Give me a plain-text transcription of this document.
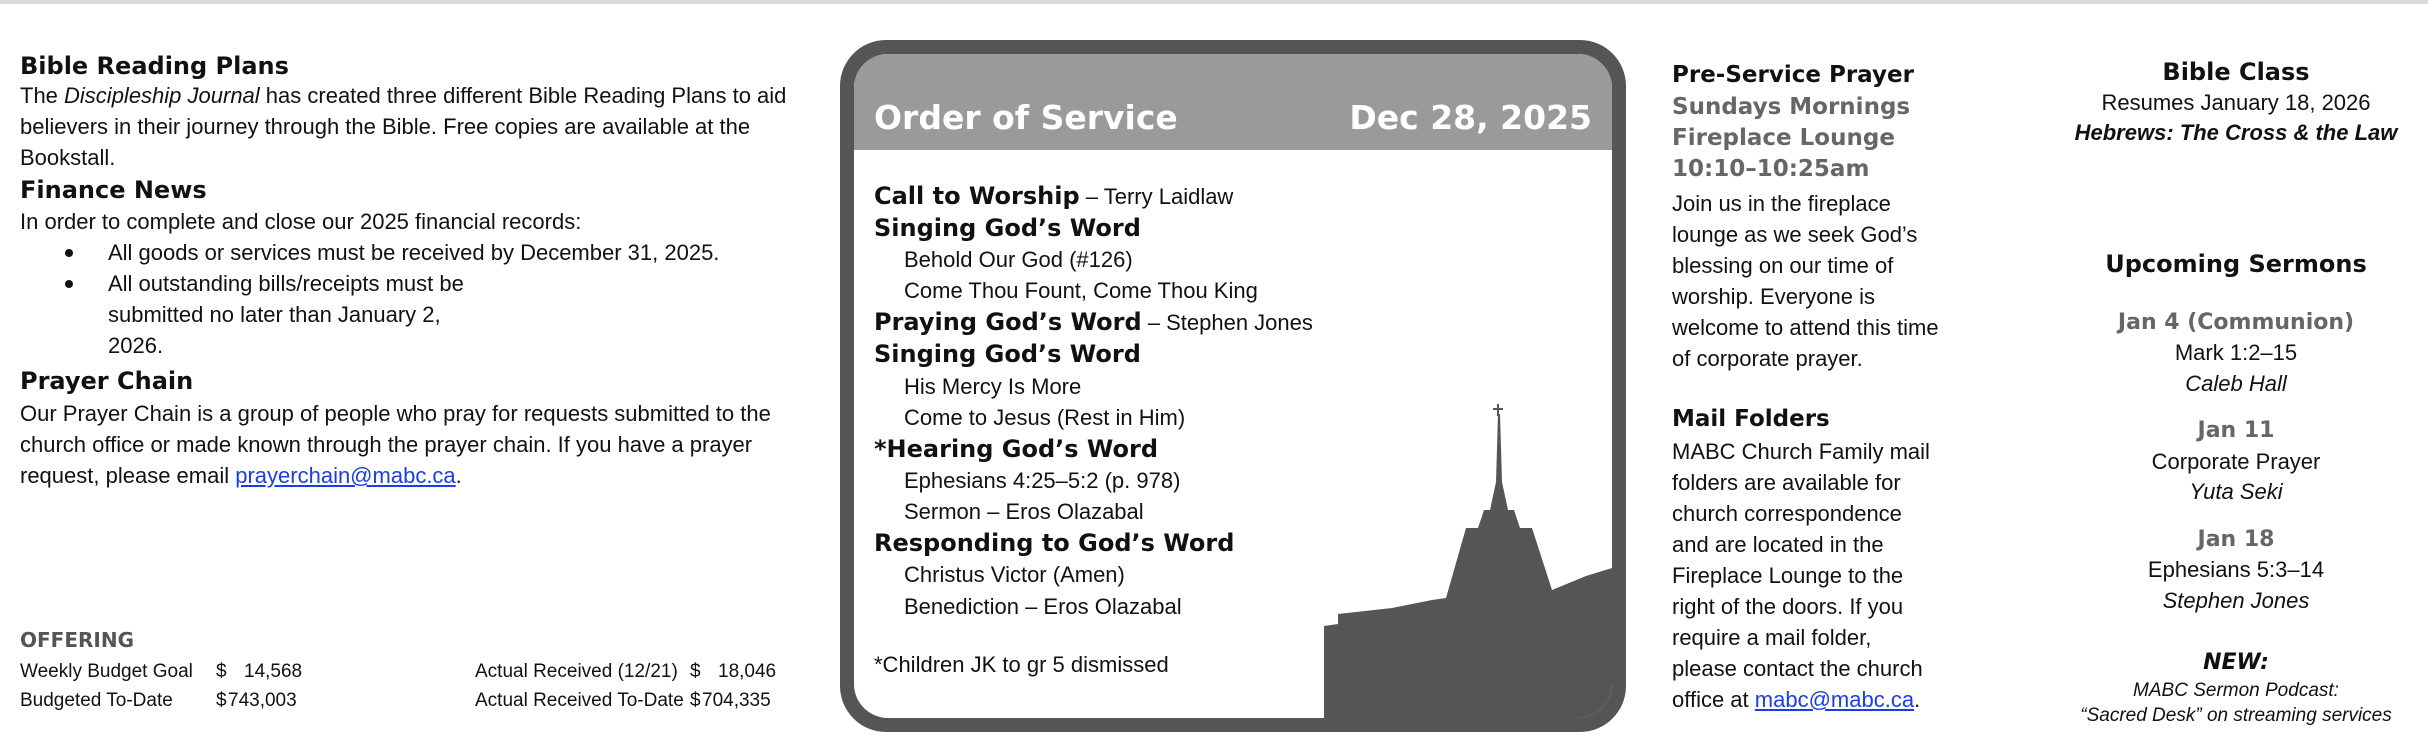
Bible Reading Plans
The Discipleship Journal has created three different Bible Reading Plans to aid believers in their journey through the Bible. Free copies are available at the Bookstall.
Finance News
In order to complete and close our 2025 financial records:
All goods or services must be received by December 31, 2025.
All outstanding bills/receipts must be submitted no later than January 2, 2026.
Prayer Chain
Our Prayer Chain is a group of people who pray for requests submitted to the church office or made known through the prayer chain. If you have a prayer request, please email prayerchain@mabc.ca.
OFFERING
Weekly Budget Goal $ 14,568
Budgeted To-Date $ 743,003
Actual Received (12/21) $ 18,046
Actual Received To-Date $ 704,335
Order of Service	Dec 28, 2025
Call to Worship – Terry Laidlaw
Singing God’s Word
Behold Our God (#126)
Come Thou Fount, Come Thou King
Praying God’s Word – Stephen Jones
Singing God’s Word
His Mercy Is More
Come to Jesus (Rest in Him)
*Hearing God’s Word
Ephesians 4:25–5:2 (p. 978)
Sermon – Eros Olazabal
Responding to God’s Word
Christus Victor (Amen)
Benediction – Eros Olazabal
*Children JK to gr 5 dismissed
Pre-Service Prayer
Sundays Mornings
Fireplace Lounge
10:10–10:25am
Join us in the fireplace lounge as we seek God’s blessing on our time of worship. Everyone is welcome to attend this time of corporate prayer.
Mail Folders
MABC Church Family mail folders are available for church correspondence and are located in the Fireplace Lounge to the right of the doors. If you require a mail folder, please contact the church office at mabc@mabc.ca.
Bible Class
Resumes January 18, 2026
Hebrews: The Cross & the Law
Upcoming Sermons
Jan 4 (Communion)
Mark 1:2–15
Caleb Hall
Jan 11
Corporate Prayer
Yuta Seki
Jan 18
Ephesians 5:3–14
Stephen Jones
NEW:
MABC Sermon Podcast:
“Sacred Desk” on streaming services
